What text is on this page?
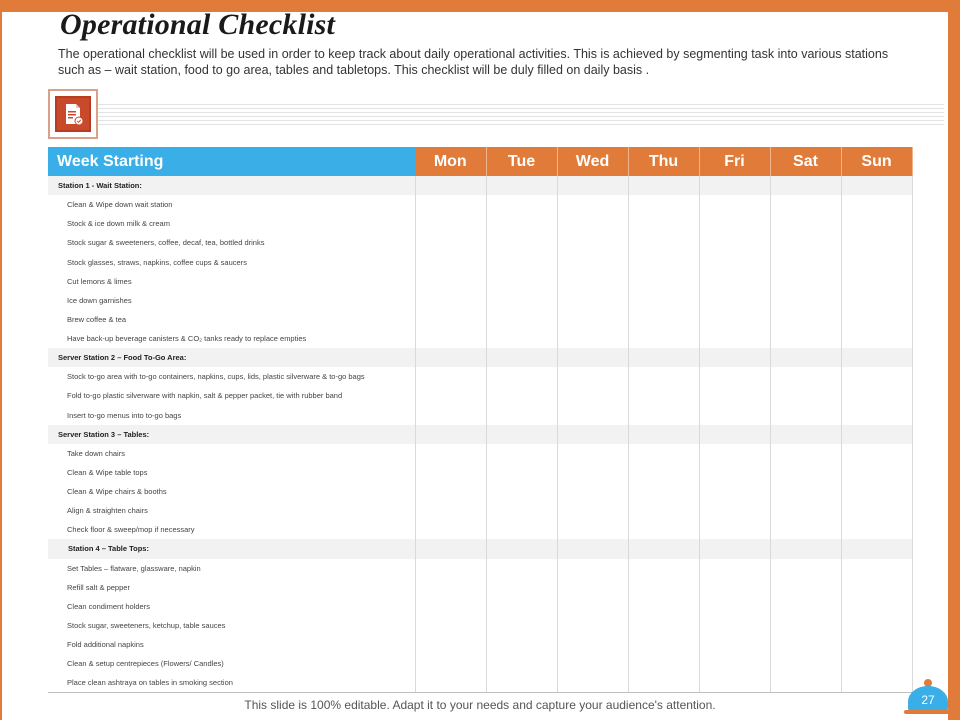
Operational Checklist

The operational checklist will be used in order to keep track about daily operational activities. This is achieved by segmenting task into various stations such as – wait station, food to go area, tables and tabletops. This checklist will be duly filled on daily basis .

Week Starting	Mon	Tue	Wed	Thu	Fri	Sat	Sun
Station 1 - Wait Station:							
Clean & Wipe down wait station							
Stock & ice down milk & cream							
Stock sugar & sweeteners, coffee, decaf, tea, bottled drinks							
Stock glasses, straws, napkins, coffee cups & saucers							
Cut lemons & limes							
Ice down garnishes							
Brew coffee & tea							
Have back-up beverage canisters & CO₂ tanks ready to replace empties							
Server Station 2 – Food To-Go Area:							
Stock to-go area with to-go containers, napkins, cups, lids, plastic silverware & to-go bags							
Fold to-go plastic silverware with napkin, salt & pepper packet, tie with rubber band							
Insert to-go menus into to-go bags							
Server Station 3 – Tables:							
Take down chairs							
Clean & Wipe table tops							
Clean & Wipe chairs & booths							
Align & straighten chairs							
Check floor & sweep/mop if necessary							
Station 4 – Table Tops:							
Set Tables – flatware, glassware, napkin							
Refill salt & pepper							
Clean condiment holders							
Stock sugar, sweeteners, ketchup, table sauces							
Fold additional napkins							
Clean & setup centrepieces (Flowers/ Candles)							
Place clean ashtraya on tables in smoking section							
This slide is 100% editable. Adapt it to your needs and capture your audience's attention.	27
